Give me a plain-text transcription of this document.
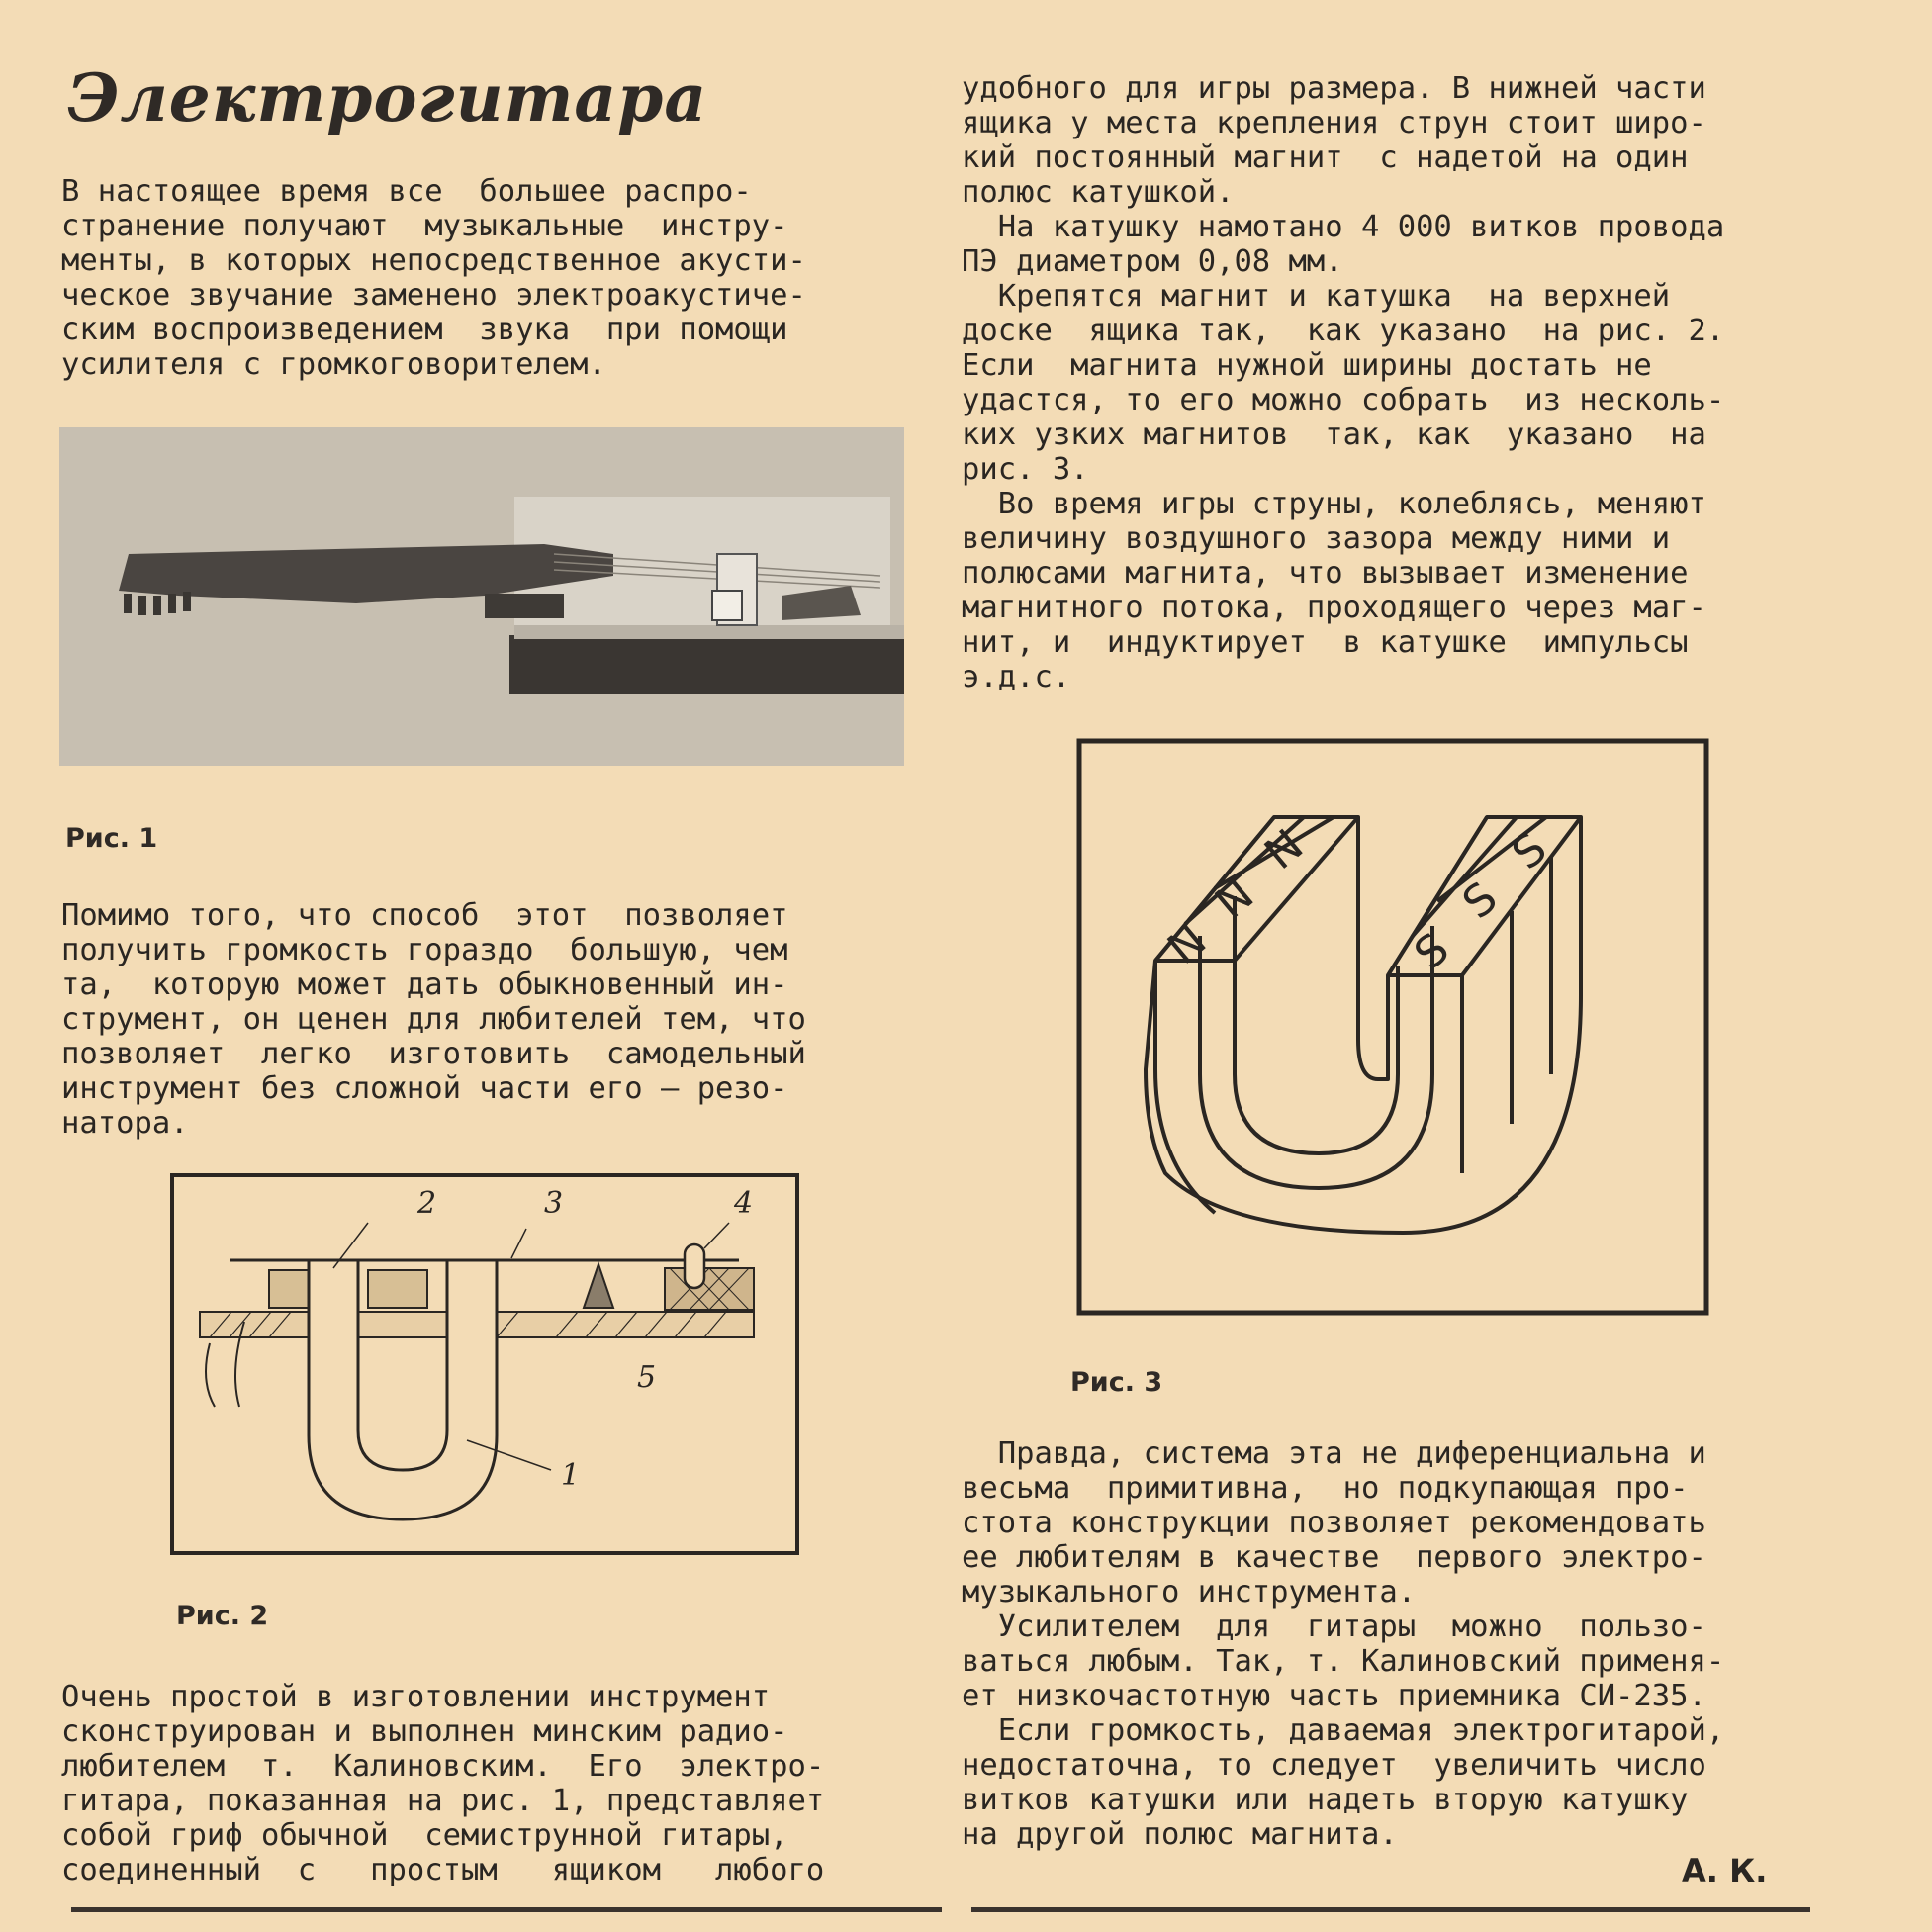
Электрогитара
В настоящее время все  большее распро-
странение получают  музыкальные  инстру-
менты, в которых непосредственное акусти-
ческое звучание заменено электроакустиче-
ским воспроизведением  звука  при помощи
усилителя с громкоговорителем.
Рис. 1
Помимо того, что способ  этот  позволяет
получить громкость гораздо  большую, чем
та,  которую может дать обыкновенный ин-
струмент, он ценен для любителей тем, что
позволяет  легко  изготовить  самодельный
инструмент без сложной части его — резо-
натора.
1
2	3	4
5
Рис. 2
Очень простой в изготовлении инструмент
сконструирован и выполнен минским радио-
любителем  т.  Калиновским.  Его  электро-
гитара, показанная на рис. 1, представляет
собой гриф обычной  семиструнной гитары,
соединенный  с   простым   ящиком   любого
удобного для игры размера. В нижней части
ящика у места крепления струн стоит широ-
кий постоянный магнит  с надетой на один
полюс катушкой.
На катушку намотано 4 000 витков провода
ПЭ диаметром 0,08 мм.
Крепятся магнит и катушка  на верхней
доске  ящика так,  как указано  на рис. 2.
Если  магнита нужной ширины достать не
удастся, то его можно собрать  из несколь-
ких узких магнитов  так, как  указано  на
рис. 3.
Во время игры струны, колеблясь, меняют
величину воздушного зазора между ними и
полюсами магнита, что вызывает изменение
магнитного потока, проходящего через маг-
нит, и  индуктирует  в катушке  импульсы
э.д.с.
N
N
N
S
S
S
Рис. 3
Правда, система эта не диференциальна и
весьма  примитивна,  но подкупающая про-
стота конструкции позволяет рекомендовать
ее любителям в качестве  первого электро-
музыкального инструмента.
Усилителем  для  гитары  можно  пользо-
ваться любым. Так, т. Калиновский применя-
ет низкочастотную часть приемника СИ-235.
Если громкость, даваемая электрогитарой,
недостаточна, то следует  увеличить число
витков катушки или надеть вторую катушку
на другой полюс магнита.
А. К.
